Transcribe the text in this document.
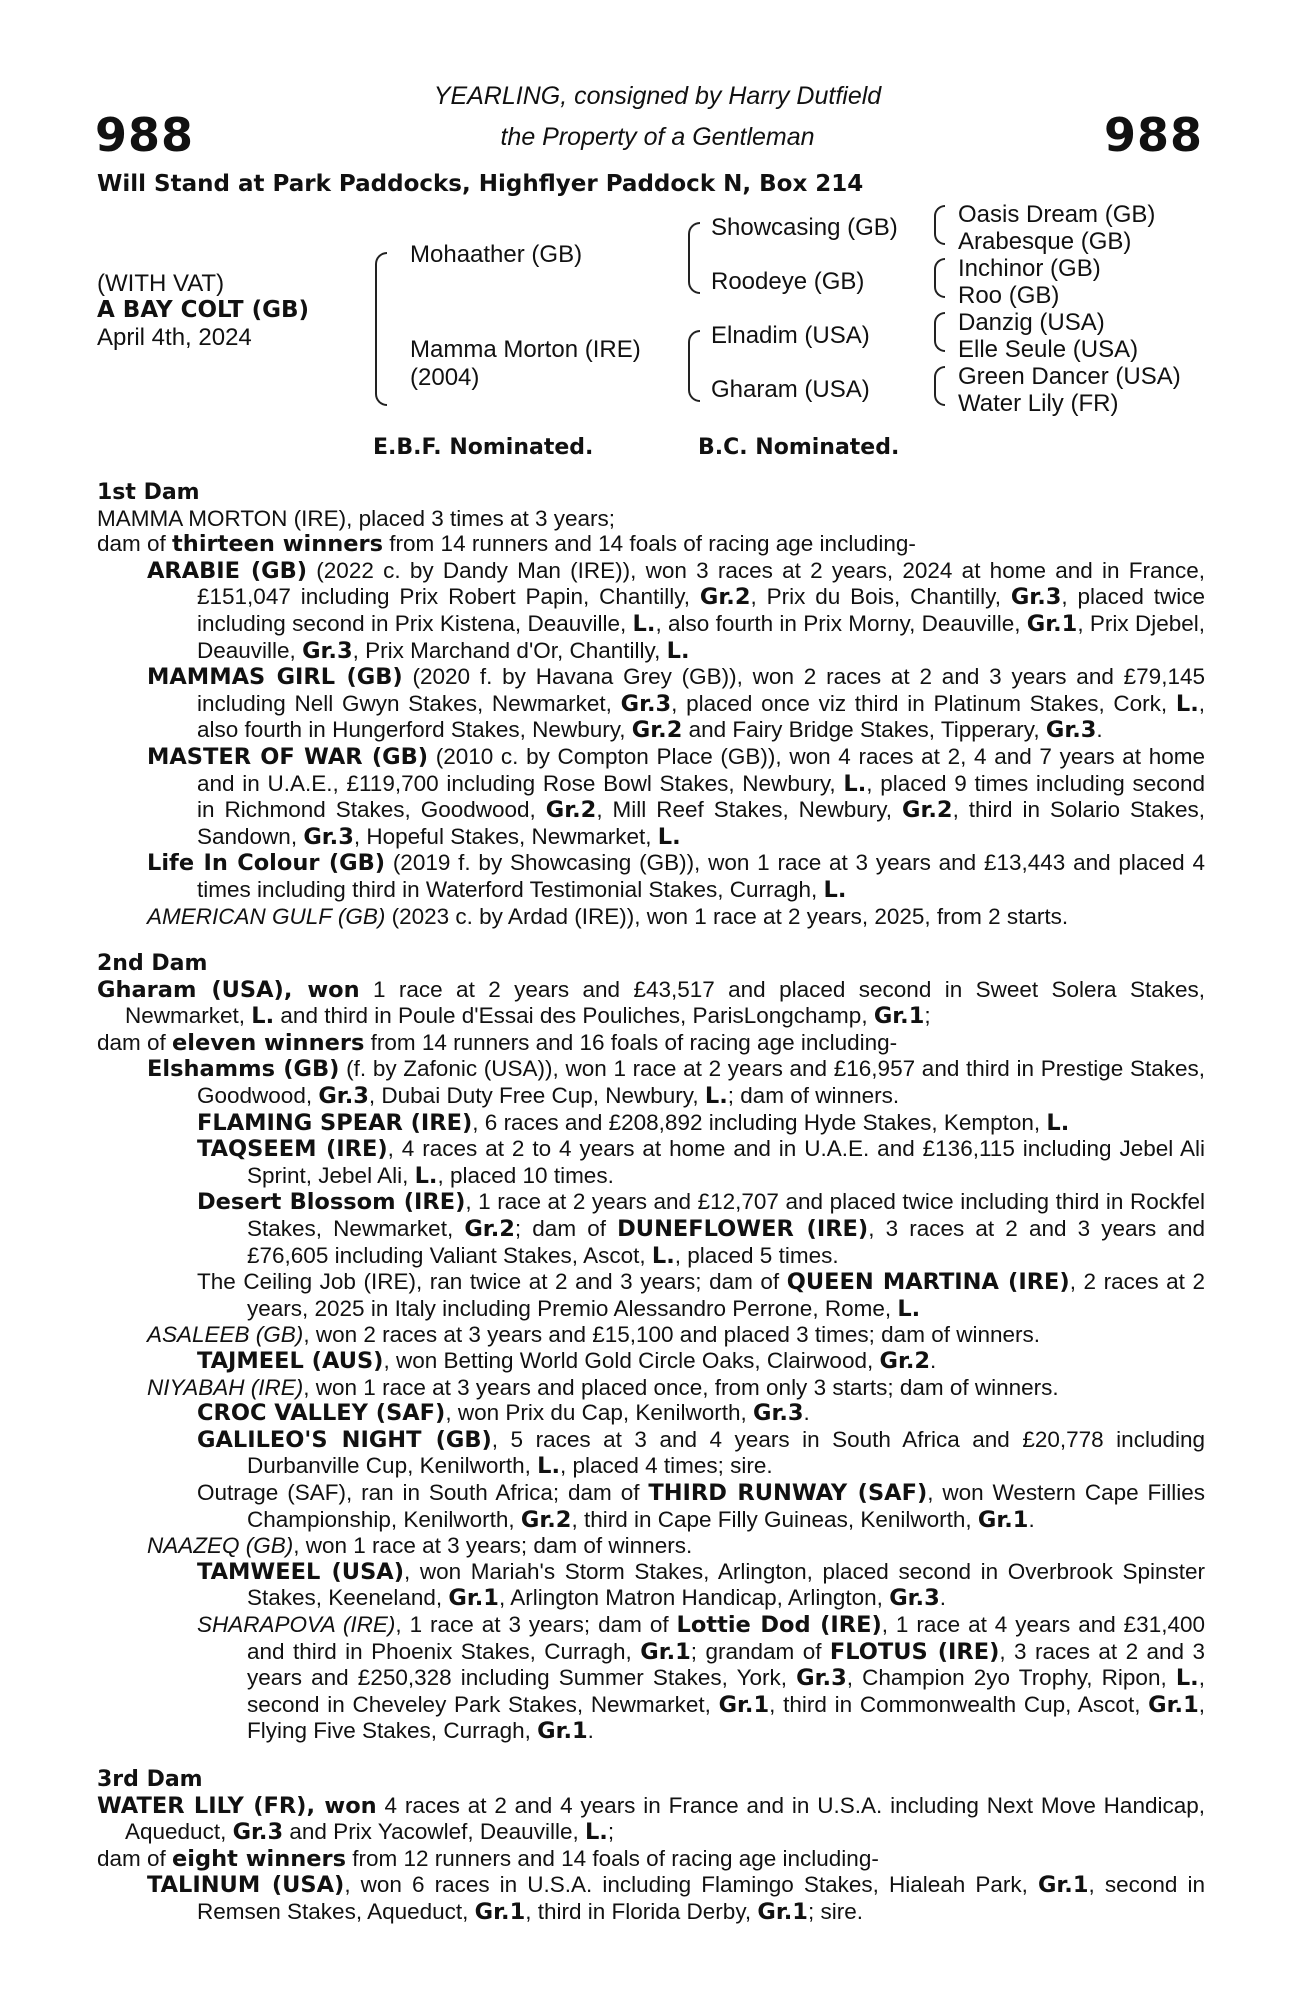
988	988
YEARLING, consigned by Harry Dutfield
the Property of a Gentleman
Will Stand at Park Paddocks, Highflyer Paddock N, Box 214
(WITH VAT)
A BAY COLT (GB)
April 4th, 2024
Mohaather (GB)
Mamma Morton (IRE)
(2004)
Showcasing (GB)
Roodeye (GB)
Elnadim (USA)
Gharam (USA)
Oasis Dream (GB)
Arabesque (GB)
Inchinor (GB)
Roo (GB)
Danzig (USA)
Elle Seule (USA)
Green Dancer (USA)
Water Lily (FR)
E.B.F. Nominated.	B.C. Nominated.
1st Dam

MAMMA MORTON (IRE), placed 3 times at 3 years;

dam of thirteen winners from 14 runners and 14 foals of racing age including-

ARABIE (GB) (2022 c. by Dandy Man (IRE)), won 3 races at 2 years, 2024 at home and in France, £151,047 including Prix Robert Papin, Chantilly, Gr.2, Prix du Bois, Chantilly, Gr.3, placed twice including second in Prix Kistena, Deauville, L., also fourth in Prix Morny, Deauville, Gr.1, Prix Djebel, Deauville, Gr.3, Prix Marchand d'Or, Chantilly, L.

MAMMAS GIRL (GB) (2020 f. by Havana Grey (GB)), won 2 races at 2 and 3 years and £79,145 including Nell Gwyn Stakes, Newmarket, Gr.3, placed once viz third in Platinum Stakes, Cork, L., also fourth in Hungerford Stakes, Newbury, Gr.2 and Fairy Bridge Stakes, Tipperary, Gr.3.

MASTER OF WAR (GB) (2010 c. by Compton Place (GB)), won 4 races at 2, 4 and 7 years at home and in U.A.E., £119,700 including Rose Bowl Stakes, Newbury, L., placed 9 times including second in Richmond Stakes, Goodwood, Gr.2, Mill Reef Stakes, Newbury, Gr.2, third in Solario Stakes, Sandown, Gr.3, Hopeful Stakes, Newmarket, L.

Life In Colour (GB) (2019 f. by Showcasing (GB)), won 1 race at 3 years and £13,443 and placed 4 times including third in Waterford Testimonial Stakes, Curragh, L.

AMERICAN GULF (GB) (2023 c. by Ardad (IRE)), won 1 race at 2 years, 2025, from 2 starts.

2nd Dam

Gharam (USA), won 1 race at 2 years and £43,517 and placed second in Sweet Solera Stakes, Newmarket, L. and third in Poule d'Essai des Pouliches, ParisLongchamp, Gr.1;

dam of eleven winners from 14 runners and 16 foals of racing age including-

Elshamms (GB) (f. by Zafonic (USA)), won 1 race at 2 years and £16,957 and third in Prestige Stakes, Goodwood, Gr.3, Dubai Duty Free Cup, Newbury, L.; dam of winners.

FLAMING SPEAR (IRE), 6 races and £208,892 including Hyde Stakes, Kempton, L.

TAQSEEM (IRE), 4 races at 2 to 4 years at home and in U.A.E. and £136,115 including Jebel Ali Sprint, Jebel Ali, L., placed 10 times.

Desert Blossom (IRE), 1 race at 2 years and £12,707 and placed twice including third in Rockfel Stakes, Newmarket, Gr.2; dam of DUNEFLOWER (IRE), 3 races at 2 and 3 years and £76,605 including Valiant Stakes, Ascot, L., placed 5 times.

The Ceiling Job (IRE), ran twice at 2 and 3 years; dam of QUEEN MARTINA (IRE), 2 races at 2 years, 2025 in Italy including Premio Alessandro Perrone, Rome, L.

ASALEEB (GB), won 2 races at 3 years and £15,100 and placed 3 times; dam of winners.

TAJMEEL (AUS), won Betting World Gold Circle Oaks, Clairwood, Gr.2.

NIYABAH (IRE), won 1 race at 3 years and placed once, from only 3 starts; dam of winners.

CROC VALLEY (SAF), won Prix du Cap, Kenilworth, Gr.3.

GALILEO'S NIGHT (GB), 5 races at 3 and 4 years in South Africa and £20,778 including Durbanville Cup, Kenilworth, L., placed 4 times; sire.

Outrage (SAF), ran in South Africa; dam of THIRD RUNWAY (SAF), won Western Cape Fillies Championship, Kenilworth, Gr.2, third in Cape Filly Guineas, Kenilworth, Gr.1.

NAAZEQ (GB), won 1 race at 3 years; dam of winners.

TAMWEEL (USA), won Mariah's Storm Stakes, Arlington, placed second in Overbrook Spinster Stakes, Keeneland, Gr.1, Arlington Matron Handicap, Arlington, Gr.3.

SHARAPOVA (IRE), 1 race at 3 years; dam of Lottie Dod (IRE), 1 race at 4 years and £31,400 and third in Phoenix Stakes, Curragh, Gr.1; grandam of FLOTUS (IRE), 3 races at 2 and 3 years and £250,328 including Summer Stakes, York, Gr.3, Champion 2yo Trophy, Ripon, L., second in Cheveley Park Stakes, Newmarket, Gr.1, third in Commonwealth Cup, Ascot, Gr.1, Flying Five Stakes, Curragh, Gr.1.

3rd Dam

WATER LILY (FR), won 4 races at 2 and 4 years in France and in U.S.A. including Next Move Handicap, Aqueduct, Gr.3 and Prix Yacowlef, Deauville, L.;

dam of eight winners from 12 runners and 14 foals of racing age including-

TALINUM (USA), won 6 races in U.S.A. including Flamingo Stakes, Hialeah Park, Gr.1, second in Remsen Stakes, Aqueduct, Gr.1, third in Florida Derby, Gr.1; sire.
